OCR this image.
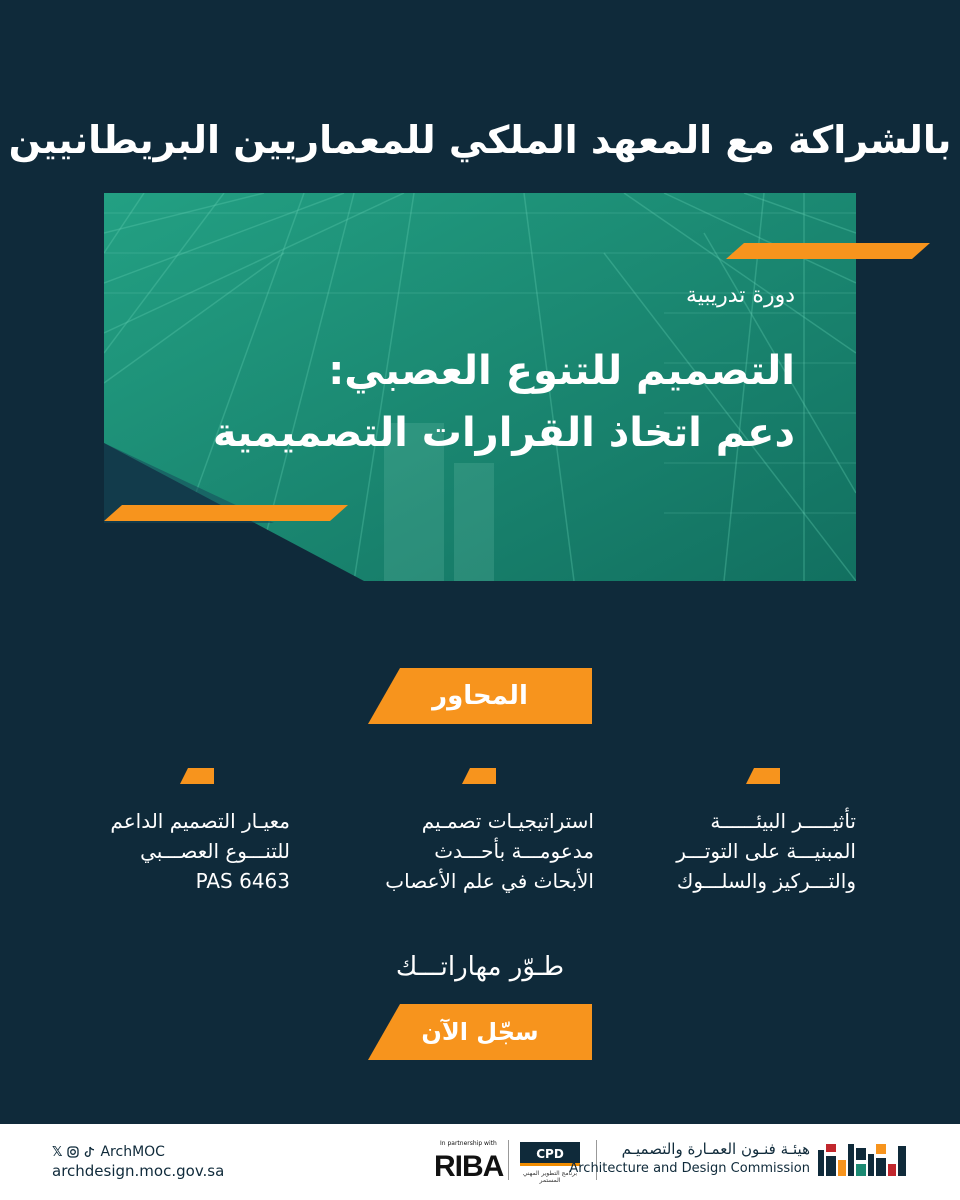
بالشراكة مع المعهد الملكي للمعماريين البريطانيين
دورة تدريبية
التصميم للتنوع العصبي:
دعم اتخاذ القرارات التصميمية
المحاور
تأثيـــــر البيئــــــة
المبنيـــة على التوتـــر
والتـــركيز والسلـــوك
استراتيجيـات تصمـيم
مدعومـــة بأحـــدث
الأبحاث في علم الأعصاب
معيـار التصميم الداعم
للتنـــوع العصـــبي
PAS 6463
طـوّر مهاراتـــك
سجّل الآن
𝕏	ArchMOC
archdesign.moc.gov.sa
In partnership with
RIBA	CPD
برنامج التطوير المهني المستمر
هيئـة فنـون العمـارة والتصميـم
Architecture and Design Commission
